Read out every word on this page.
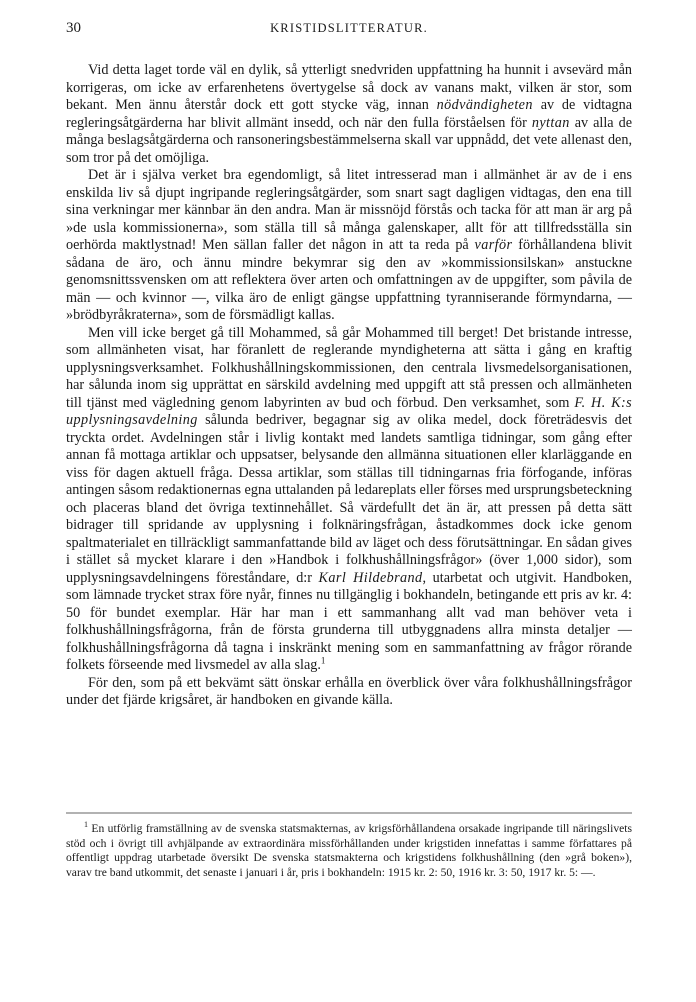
30	KRISTIDSLITTERATUR.

Vid detta laget torde väl en dylik, så ytterligt snedvriden uppfattning ha hunnit i avsevärd mån korrigeras, om icke av erfarenhetens övertygelse så dock av vanans makt, vilken är stor, som bekant. Men ännu återstår dock ett gott stycke väg, innan nödvändigheten av de vidtagna regleringsåtgärderna har blivit allmänt insedd, och när den fulla förståelsen för nyttan av alla de många beslagsåtgärderna och ransoneringsbestämmelserna skall var uppnådd, det vete allenast den, som tror på det omöjliga.

Det är i själva verket bra egendomligt, så litet intresserad man i allmänhet är av de i ens enskilda liv så djupt ingripande regleringsåtgärder, som snart sagt dagligen vidtagas, den ena till sina verkningar mer kännbar än den andra. Man är missnöjd förstås och tacka för att man är arg på »de usla kommissionerna», som ställa till så många galenskaper, allt för att tillfredsställa sin oerhörda maktlystnad! Men sällan faller det någon in att ta reda på varför förhållandena blivit sådana de äro, och ännu mindre bekymrar sig den av »kommissionsilskan» anstuckne genomsnittssvensken om att reflektera över arten och omfattningen av de uppgifter, som påvila de män — och kvinnor —, vilka äro de enligt gängse uppfattning tyranniserande förmyndarna, — »brödbyråkraterna», som de försmädligt kallas.

Men vill icke berget gå till Mohammed, så går Mohammed till berget! Det bristande intresse, som allmänheten visat, har föranlett de reglerande myndigheterna att sätta i gång en kraftig upplysningsverksamhet. Folkhushållningskommissionen, den centrala livsmedelsorganisationen, har sålunda inom sig upprättat en särskild avdelning med uppgift att stå pressen och allmänheten till tjänst med vägledning genom labyrinten av bud och förbud. Den verksamhet, som F. H. K:s upplysningsavdelning sålunda bedriver, begagnar sig av olika medel, dock företrädesvis det tryckta ordet. Avdelningen står i livlig kontakt med landets samtliga tidningar, som gång efter annan få mottaga artiklar och uppsatser, belysande den allmänna situationen eller klarläggande en viss för dagen aktuell fråga. Dessa artiklar, som ställas till tidningarnas fria förfogande, införas antingen såsom redaktionernas egna uttalanden på ledareplats eller förses med ursprungsbeteckning och placeras bland det övriga textinnehållet. Så värdefullt det än är, att pressen på detta sätt bidrager till spridande av upplysning i folknäringsfrågan, åstadkommes dock icke genom spaltmaterialet en tillräckligt sammanfattande bild av läget och dess förutsättningar. En sådan gives i stället så mycket klarare i den »Handbok i folkhushållningsfrågor» (över 1,000 sidor), som upplysningsavdelningens föreståndare, d:r Karl Hildebrand, utarbetat och utgivit. Handboken, som lämnade trycket strax före nyår, finnes nu tillgänglig i bokhandeln, betingande ett pris av kr. 4: 50 för bundet exemplar. Här har man i ett sammanhang allt vad man behöver veta i folkhushållningsfrågorna, från de första grunderna till utbyggnadens allra minsta detaljer — folkhushållningsfrågorna då tagna i inskränkt mening som en sammanfattning av frågor rörande folkets förseende med livsmedel av alla slag.$^1$

För den, som på ett bekvämt sätt önskar erhålla en överblick över våra folkhushållningsfrågor under det fjärde krigsåret, är handboken en givande källa.

$^1$ En utförlig framställning av de svenska statsmakternas, av krigsförhållandena orsakade ingripande till näringslivets stöd och i övrigt till avhjälpande av extraordinära missförhållanden under krigstiden innefattas i samme författares på offentligt uppdrag utarbetade översikt De svenska statsmakterna och krigstidens folkhushållning (den »grå boken»), varav tre band utkommit, det senaste i januari i år, pris i bokhandeln: 1915 kr. 2: 50, 1916 kr. 3: 50, 1917 kr. 5: —.
